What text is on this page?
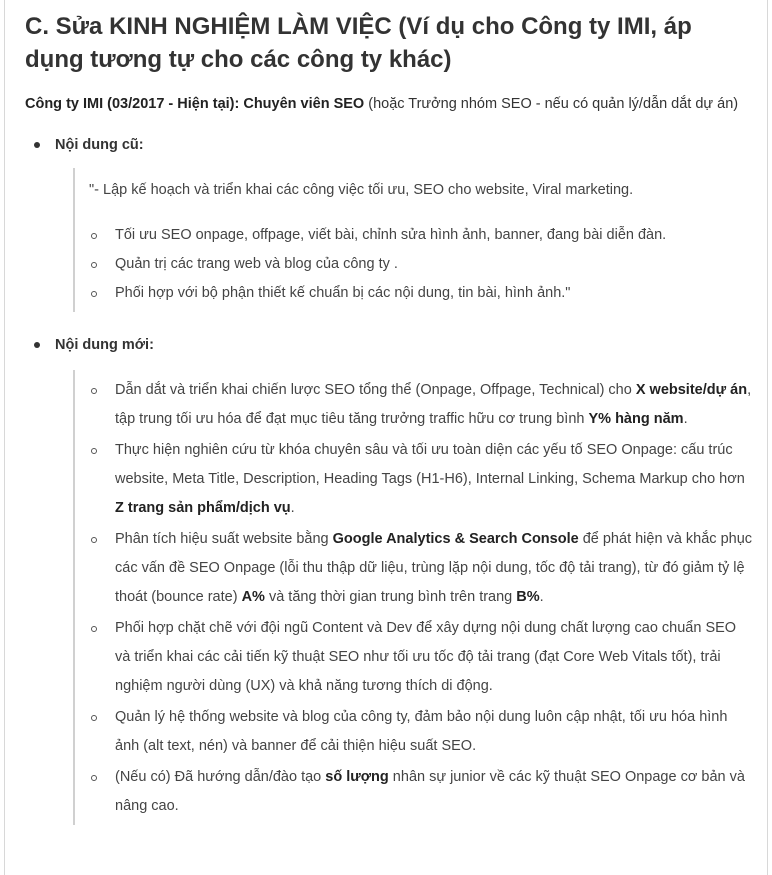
C. Sửa KINH NGHIỆM LÀM VIỆC (Ví dụ cho Công ty IMI, áp dụng tương tự cho các công ty khác)

Công ty IMI (03/2017 - Hiện tại): Chuyên viên SEO (hoặc Trưởng nhóm SEO - nếu có quản lý/dẫn dắt dự án)

Nội dung cũ:

"- Lập kế hoạch và triển khai các công việc tối ưu, SEO cho website, Viral marketing.

Tối ưu SEO onpage, offpage, viết bài, chỉnh sửa hình ảnh, banner, đang bài diễn đàn.
Quản trị các trang web và blog của công ty .
Phối hợp với bộ phận thiết kế chuẩn bị các nội dung, tin bài, hình ảnh."
Nội dung mới:
Dẫn dắt và triển khai chiến lược SEO tổng thể (Onpage, Offpage, Technical) cho X website/dự án, tập trung tối ưu hóa để đạt mục tiêu tăng trưởng traffic hữu cơ trung bình Y% hàng năm.
Thực hiện nghiên cứu từ khóa chuyên sâu và tối ưu toàn diện các yếu tố SEO Onpage: cấu trúc website, Meta Title, Description, Heading Tags (H1-H6), Internal Linking, Schema Markup cho hơn Z trang sản phẩm/dịch vụ.
Phân tích hiệu suất website bằng Google Analytics & Search Console để phát hiện và khắc phục các vấn đề SEO Onpage (lỗi thu thập dữ liệu, trùng lặp nội dung, tốc độ tải trang), từ đó giảm tỷ lệ thoát (bounce rate) A% và tăng thời gian trung bình trên trang B%.
Phối hợp chặt chẽ với đội ngũ Content và Dev để xây dựng nội dung chất lượng cao chuẩn SEO và triển khai các cải tiến kỹ thuật SEO như tối ưu tốc độ tải trang (đạt Core Web Vitals tốt), trải nghiệm người dùng (UX) và khả năng tương thích di động.
Quản lý hệ thống website và blog của công ty, đảm bảo nội dung luôn cập nhật, tối ưu hóa hình ảnh (alt text, nén) và banner để cải thiện hiệu suất SEO.
(Nếu có) Đã hướng dẫn/đào tạo số lượng nhân sự junior về các kỹ thuật SEO Onpage cơ bản và nâng cao.
